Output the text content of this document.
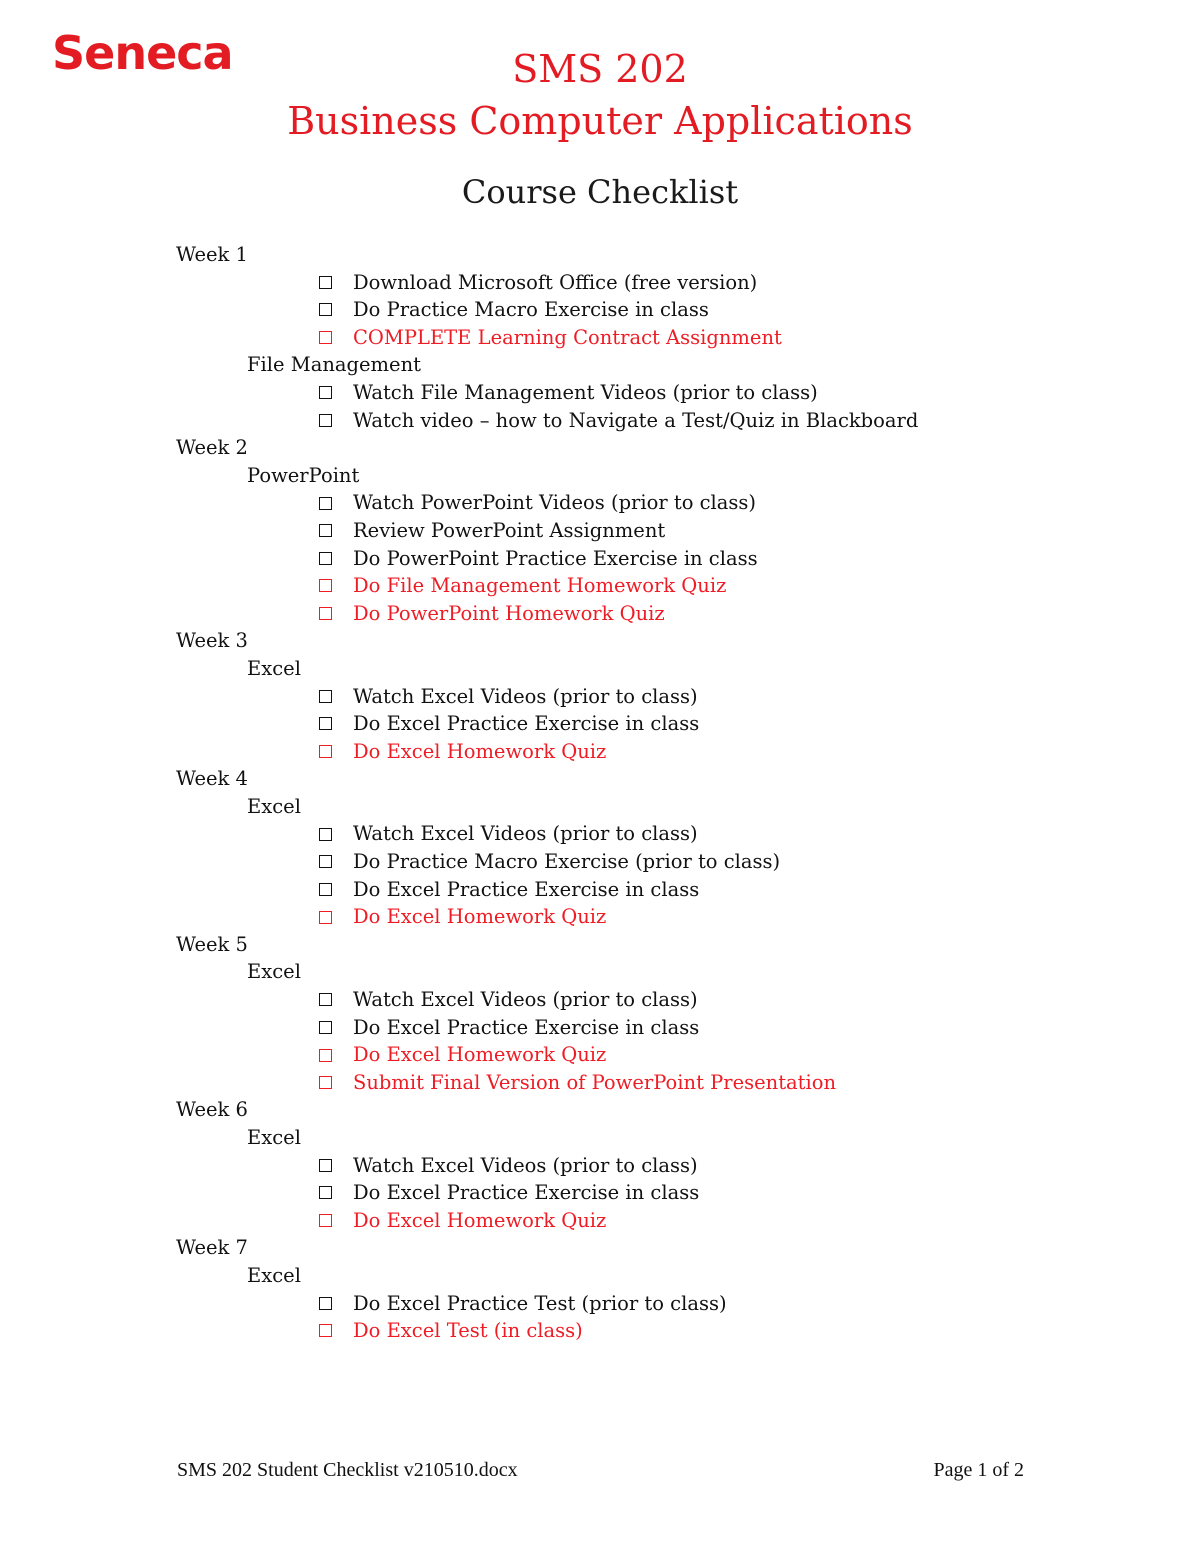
Seneca	SMS 202
Business Computer Applications
Course Checklist
Week 1
Download Microsoft Office (free version)
Do Practice Macro Exercise in class
COMPLETE Learning Contract Assignment
File Management
Watch File Management Videos (prior to class)
Watch video – how to Navigate a Test/Quiz in Blackboard
Week 2
PowerPoint
Watch PowerPoint Videos (prior to class)
Review PowerPoint Assignment
Do PowerPoint Practice Exercise in class
Do File Management Homework Quiz
Do PowerPoint Homework Quiz
Week 3
Excel
Watch Excel Videos (prior to class)
Do Excel Practice Exercise in class
Do Excel Homework Quiz
Week 4
Excel
Watch Excel Videos (prior to class)
Do Practice Macro Exercise (prior to class)
Do Excel Practice Exercise in class
Do Excel Homework Quiz
Week 5
Excel
Watch Excel Videos (prior to class)
Do Excel Practice Exercise in class
Do Excel Homework Quiz
Submit Final Version of PowerPoint Presentation
Week 6
Excel
Watch Excel Videos (prior to class)
Do Excel Practice Exercise in class
Do Excel Homework Quiz
Week 7
Excel
Do Excel Practice Test (prior to class)
Do Excel Test (in class)
SMS 202 Student Checklist v210510.docx	Page 1 of 2
